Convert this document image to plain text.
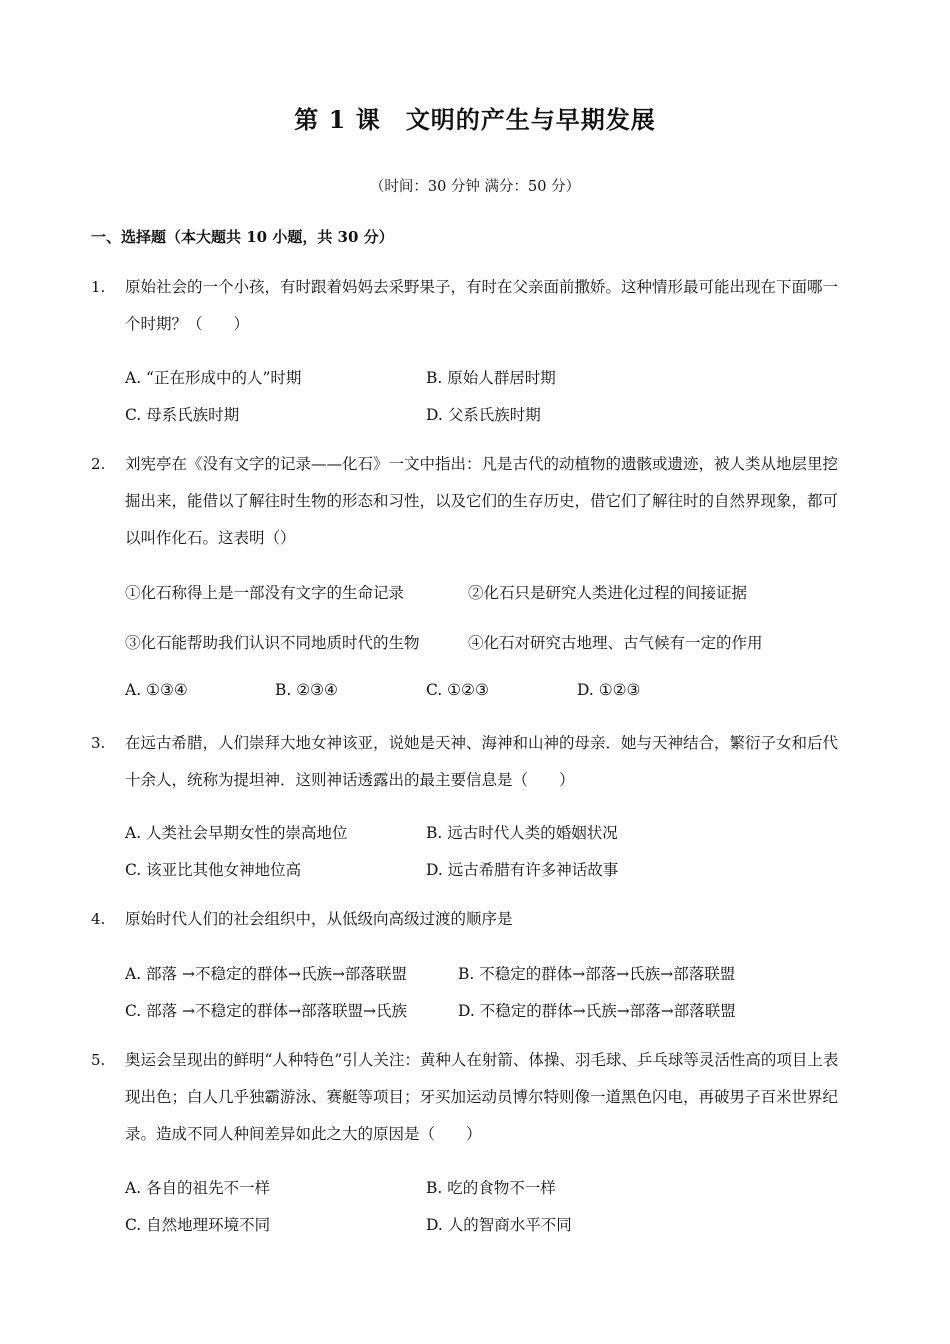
第 1 课　文明的产生与早期发展
（时间：30 分钟 满分：50 分）
一、选择题（本大题共 10 小题，共 30 分）
1. 原始社会的一个小孩，有时跟着妈妈去采野果子，有时在父亲面前撒娇。这种情形最可能出现在下面哪一个时期？（　　）
A. “正在形成中的人”时期	B. 原始人群居时期
C. 母系氏族时期	D. 父系氏族时期
2. 刘宪亭在《没有文字的记录——化石》一文中指出：凡是古代的动植物的遗骸或遗迹，被人类从地层里挖掘出来，能借以了解往时生物的形态和习性，以及它们的生存历史，借它们了解往时的自然界现象，都可以叫作化石。这表明（）
①化石称得上是一部没有文字的生命记录	②化石只是研究人类进化过程的间接证据
③化石能帮助我们认识不同地质时代的生物	④化石对研究古地理、古气候有一定的作用
A. ①③④	B. ②③④	C. ①②③	D. ①②③
3. 在远古希腊，人们崇拜大地女神该亚，说她是天神、海神和山神的母亲．她与天神结合，繁衍子女和后代十余人，统称为提坦神．这则神话透露出的最主要信息是（　　）
A. 人类社会早期女性的崇高地位	B. 远古时代人类的婚姻状况
C. 该亚比其他女神地位高	D. 远古希腊有许多神话故事
4. 原始时代人们的社会组织中，从低级向高级过渡的顺序是
A. 部落 →不稳定的群体→氏族→部落联盟	B. 不稳定的群体→部落→氏族→部落联盟
C. 部落 →不稳定的群体→部落联盟→氏族	D. 不稳定的群体→氏族→部落→部落联盟
5. 奥运会呈现出的鲜明“人种特色”引人关注：黄种人在射箭、体操、羽毛球、乒乓球等灵活性高的项目上表现出色；白人几乎独霸游泳、赛艇等项目；牙买加运动员博尔特则像一道黑色闪电，再破男子百米世界纪录。造成不同人种间差异如此之大的原因是（　　）
A. 各自的祖先不一样	B. 吃的食物不一样
C. 自然地理环境不同	D. 人的智商水平不同
